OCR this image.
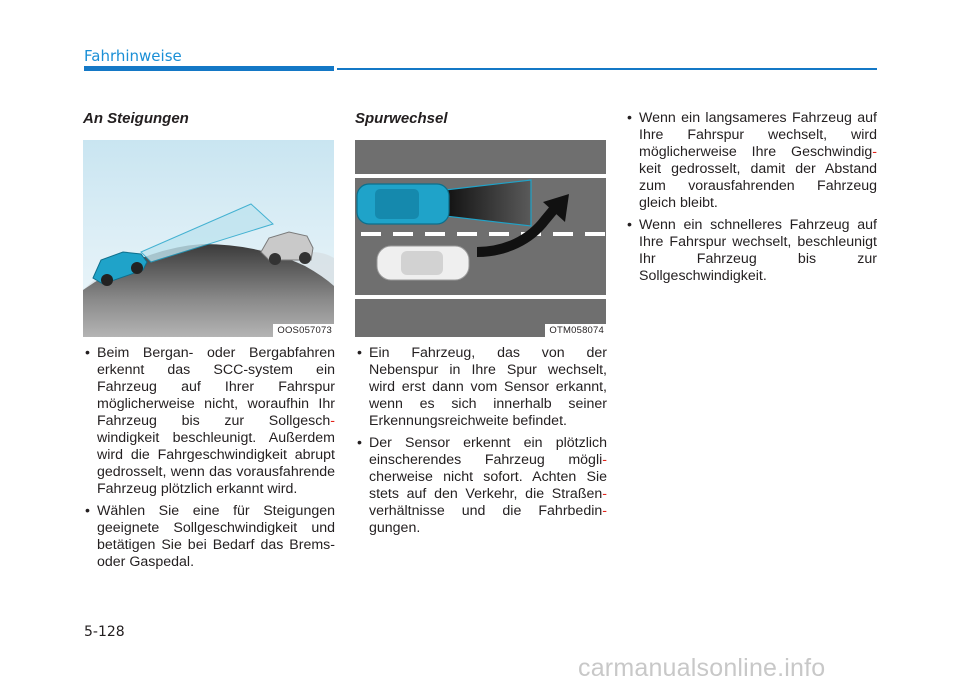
Fahrhinweise
An Steigungen
OOS057073
• Beim Bergan- oder Bergabfahren erkennt das SCC-system ein Fahrzeug auf Ihrer Fahrspur möglicherweise nicht, woraufhin Ihr Fahrzeug bis zur Sollgesch- windigkeit beschleunigt. Außerdem wird die Fahrgeschwindigkeit abrupt gedrosselt, wenn das vorausfahrende Fahrzeug plötzlich erkannt wird.
• Wählen Sie eine für Steigungen geeignete Sollgeschwindigkeit und betätigen Sie bei Bedarf das Brems- oder Gaspedal.
Spurwechsel
OTM058074
• Ein Fahrzeug, das von der Nebenspur in Ihre Spur wechselt, wird erst dann vom Sensor erkannt, wenn es sich innerhalb seiner Erkennungsreichweite befindet.
• Der Sensor erkennt ein plötzlich einscherendes Fahrzeug mögli- cherweise nicht sofort. Achten Sie stets auf den Verkehr, die Straßen- verhältnisse und die Fahrbedin- gungen.
• Wenn ein langsameres Fahrzeug auf Ihre Fahrspur wechselt, wird möglicherweise Ihre Geschwindig- keit gedrosselt, damit der Abstand zum vorausfahrenden Fahrzeug gleich bleibt.
• Wenn ein schnelleres Fahrzeug auf Ihre Fahrspur wechselt, beschleunigt Ihr Fahrzeug bis zur Sollgeschwindigkeit.
5-128
carmanualsonline.info
